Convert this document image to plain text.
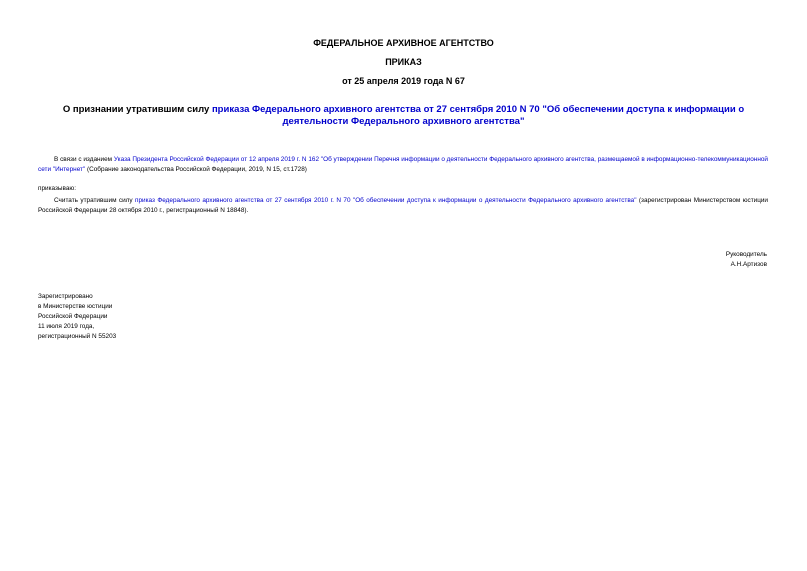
ФЕДЕРАЛЬНОЕ АРХИВНОЕ АГЕНТСТВО
ПРИКАЗ
от 25 апреля 2019 года N 67
О признании утратившим силу приказа Федерального архивного агентства от 27 сентября 2010 N 70 "Об обеспечении доступа к информации о деятельности Федерального архивного агентства"
В связи с изданием Указа Президента Российской Федерации от 12 апреля 2019 г. N 162 "Об утверждении Перечня информации о деятельности Федерального архивного агентства, размещаемой в информационно-телекоммуникационной сети "Интернет" (Собрание законодательства Российской Федерации, 2019, N 15, ст.1728)
приказываю:
Считать утратившим силу приказ Федерального архивного агентства от 27 сентября 2010 г. N 70 "Об обеспечении доступа к информации о деятельности Федерального архивного агентства" (зарегистрирован Министерством юстиции Российской Федерации 28 октября 2010 г., регистрационный N 18848).
Руководитель
А.Н.Артизов
Зарегистрировано
в Министерстве юстиции
Российской Федерации
11 июля 2019 года,
регистрационный N 55203
